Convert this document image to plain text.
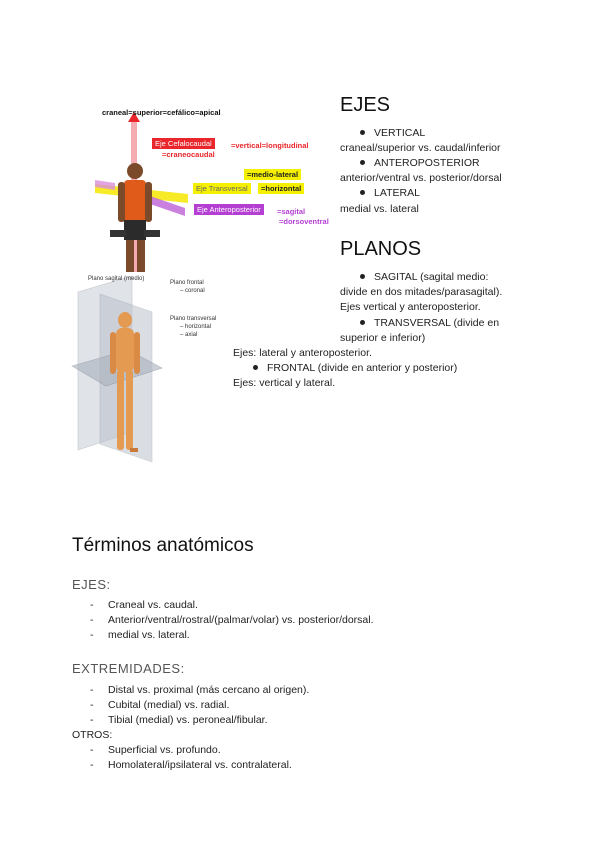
craneal=superior=cefálico=apical
Eje Cefalocaudal	=vertical=longitudinal
=craneocaudal
=medio-lateral
Eje Transversal	=horizontal
Eje Anteroposterior	=sagital
=dorsoventral
Plano sagital (medio)
Plano frontal
– coronal
Plano transversal
– horizontal
– axial
EJES
VERTICAL
craneal/superior vs. caudal/inferior
ANTEROPOSTERIOR
anterior/ventral vs. posterior/dorsal
LATERAL
medial vs. lateral
PLANOS
SAGITAL (sagital medio:
divide en dos mitades/parasagital).
Ejes vertical y anteroposterior.
TRANSVERSAL (divide en
superior e inferior)
Ejes: lateral y anteroposterior.
FRONTAL (divide en anterior y posterior)
Ejes: vertical y lateral.
Términos anatómicos
EJES:
- Craneal vs. caudal.
- Anterior/ventral/rostral/(palmar/volar) vs. posterior/dorsal.
- medial vs. lateral.
EXTREMIDADES:
- Distal vs. proximal (más cercano al origen).
- Cubital (medial) vs. radial.
- Tibial (medial) vs. peroneal/fibular.
OTROS:
- Superficial vs. profundo.
- Homolateral/ipsilateral vs. contralateral.
